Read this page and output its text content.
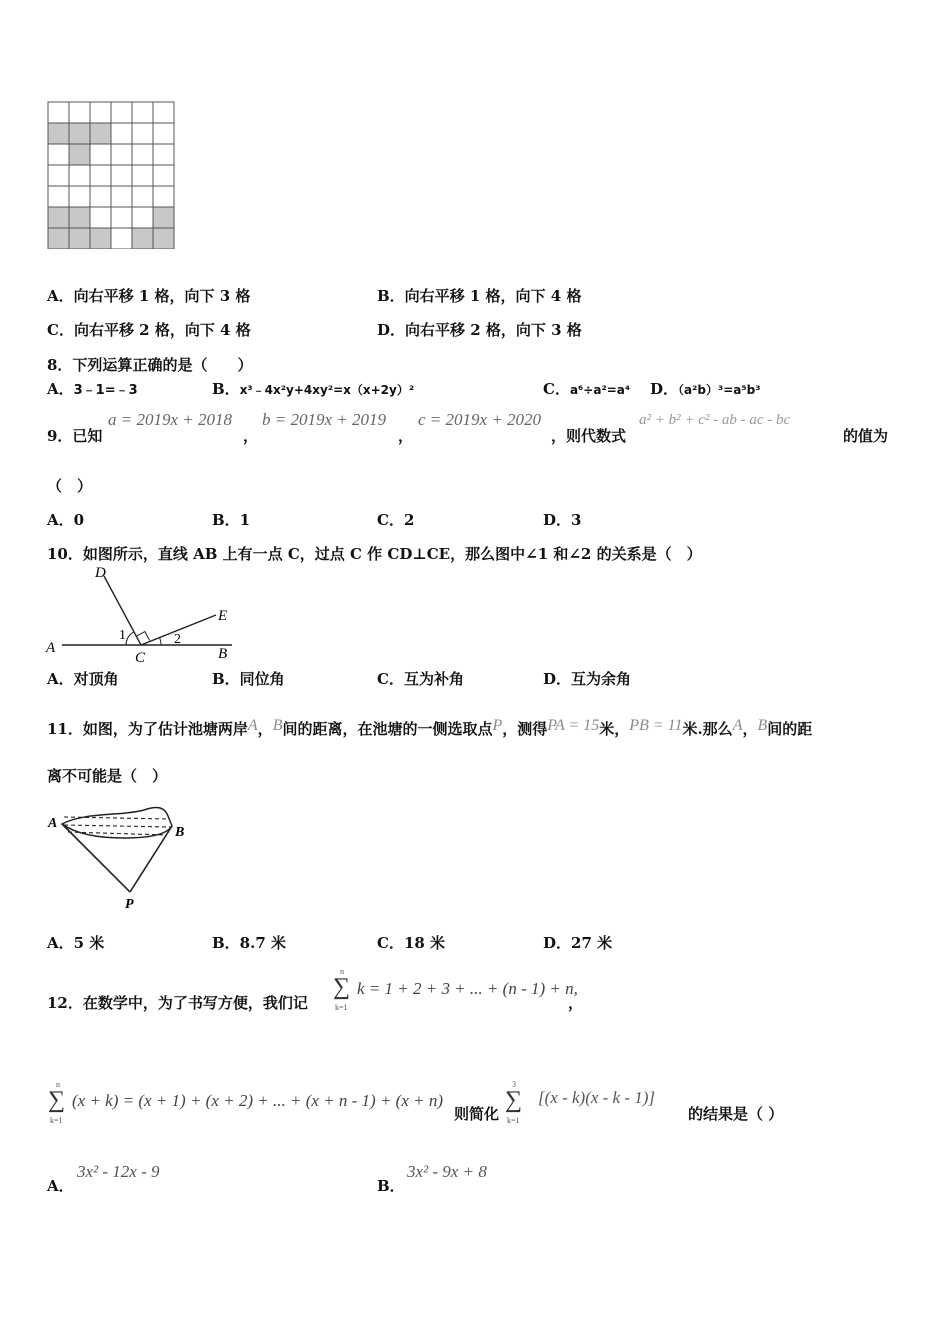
A．向右平移 1 格，向下 3 格	B．向右平移 1 格，向下 4 格
C．向右平移 2 格，向下 4 格	D．向右平移 2 格，向下 3 格
8．下列运算正确的是（　　）
A．3﹣1=﹣3	B．x³﹣4x²y+4xy²=x（x+2y）²	C．a⁶÷a²=a⁴ D．（a²b）³=a⁵b³
9．已知
a = 2019x + 2018
，
b = 2019x + 2019
，
c = 2019x + 2020
，则代数式
a² + b² + c² - ab - ac - bc
的值为
（　）
A．0	B．1	C．2	D．3
10．如图所示，直线 AB 上有一点 C，过点 C 作 CD⊥CE，那么图中∠1 和∠2 的关系是（　）
D
E
A	B
C
1	2
A．对顶角	B．同位角	C．互为补角	D．互为余角
11．如图，为了估计池塘两岸A，B间的距离，在池塘的一侧选取点P，测得PA = 15米，PB = 11米.那么A，B间的距
离不可能是（　）
A
B
P
A．5 米	B．8.7 米	C．18 米	D．27 米
12．在数学中，为了书写方便，我们记
n
∑
k=1
k = 1 + 2 + 3 + ... + (n - 1) + n,
，
n
∑
k=1
(x + k) = (x + 1) + (x + 2) + ... + (x + n - 1) + (x + n)
则简化
3
∑
k=1
[(x - k)(x - k - 1)]
的结果是（ ）
A．
3x² - 12x - 9
B．
3x² - 9x + 8
